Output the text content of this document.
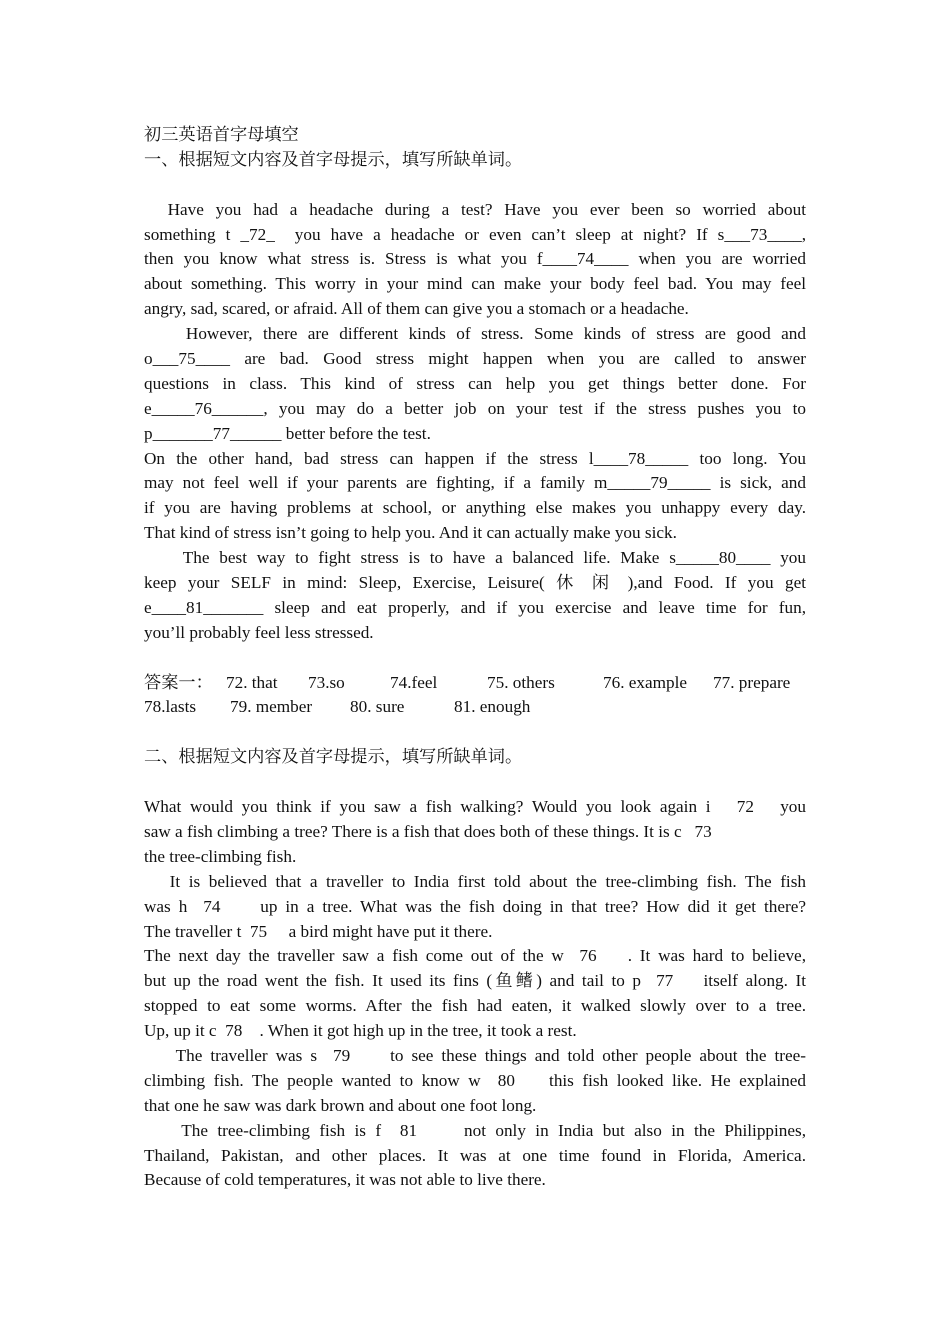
初三英语首字母填空
一、根据短文内容及首字母提示，填写所缺单词。
Have you had a headache during a test? Have you ever been so worried about
something t _72_  you have a headache or even can’t sleep at night? If s___73____,
then you know what stress is. Stress is what you f____74____ when you are worried
about something. This worry in your mind can make your body feel bad. You may feel
angry, sad, scared, or afraid. All of them can give you a stomach or a headache.
However, there are different kinds of stress. Some kinds of stress are good and
o___75____ are bad. Good stress might happen when you are called to answer
questions in class. This kind of stress can help you get things better done. For
e_____76______, you may do a better job on your test if the stress pushes you to
p_______77______ better before the test.
On the other hand, bad stress can happen if the stress l____78_____ too long. You
may not feel well if your parents are fighting, if a family m_____79_____ is sick, and
if you are having problems at school, or anything else makes you unhappy every day.
That kind of stress isn’t going to help you. And it can actually make you sick.
The best way to fight stress is to have a balanced life. Make s_____80____ you
keep your SELF in mind: Sleep, Exercise, Leisure( 休 闲 ),and Food. If you get
e____81_______ sleep and eat properly, and if you exercise and leave time for fun,
you’ll probably feel less stressed.
答案一： 72. that	73.so	74.feel	75. others	76. example	77. prepare
78.lasts	79. member	80. sure	81. enough
二、根据短文内容及首字母提示，填写所缺单词。
What would you think if you saw a fish walking? Would you look again i   72   you
saw a fish climbing a tree? There is a fish that does both of these things. It is c   73
the tree-climbing fish.
It is believed that a traveller to India first told about the tree-climbing fish. The fish
was h  74     up in a tree. What was the fish doing in that tree? How did it get there?
The traveller t  75     a bird might have put it there.
The next day the traveller saw a fish come out of the w  76    . It was hard to believe,
but up the road went the fish. It used its fins (鱼鳍) and tail to p  77    itself along. It
stopped to eat some worms. After the fish had eaten, it walked slowly over to a tree.
Up, up it c  78    . When it got high up in the tree, it took a rest.
The traveller was s  79     to see these things and told other people about the tree-
climbing fish. The people wanted to know w  80    this fish looked like. He explained
that one he saw was dark brown and about one foot long.
The tree-climbing fish is f  81     not only in India but also in the Philippines,
Thailand, Pakistan, and other places. It was at one time found in Florida, America.
Because of cold temperatures, it was not able to live there.
